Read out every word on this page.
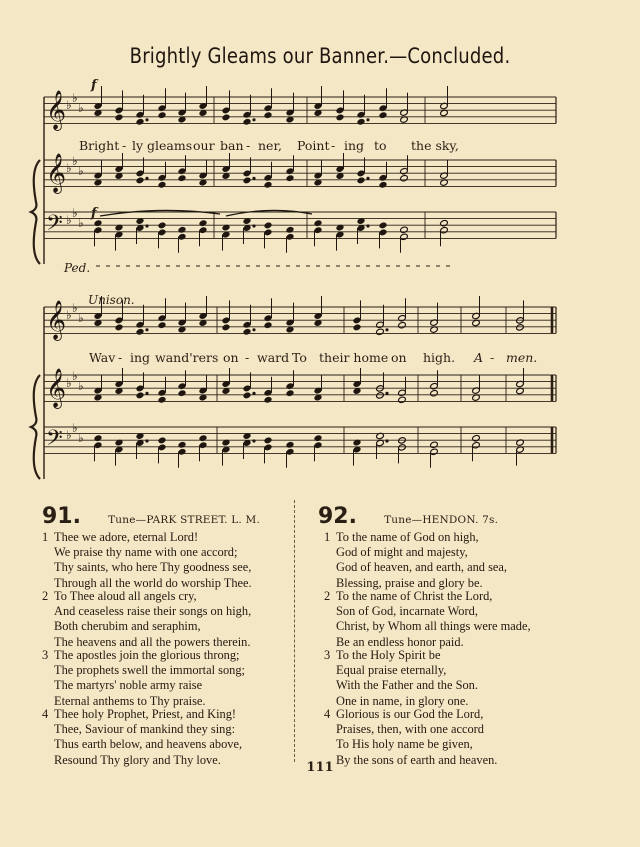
Brightly Gleams our Banner.—Concluded.
𝄞 ♭ ♭
♭
𝄞 ♭ ♭
♭
𝄢 ♭ ♭
♭
𝄞 ♭ ♭
♭
𝄞 ♭ ♭
♭
𝄢 ♭ ♭
♭
f
f
Ped.
Unison.
Bright - ly gleams our ban - ner, Point - ing to the sky,
Wav - ing wand'rers on - ward To their home on high. A - men.
91.	Tune—PARK STREET. L. M.
1 Thee we adore, eternal Lord!
We praise thy name with one accord;
Thy saints, who here Thy goodness see,
Through all the world do worship Thee.
2 To Thee aloud all angels cry,
And ceaseless raise their songs on high,
Both cherubim and seraphim,
The heavens and all the powers therein.
3 The apostles join the glorious throng;
The prophets swell the immortal song;
The martyrs' noble army raise
Eternal anthems to Thy praise.
4 Thee holy Prophet, Priest, and King!
Thee, Saviour of mankind they sing:
Thus earth below, and heavens above,
Resound Thy glory and Thy love.
92.	Tune—HENDON. 7s.
1 To the name of God on high,
God of might and majesty,
God of heaven, and earth, and sea,
Blessing, praise and glory be.
2 To the name of Christ the Lord,
Son of God, incarnate Word,
Christ, by Whom all things were made,
Be an endless honor paid.
3 To the Holy Spirit be
Equal praise eternally,
With the Father and the Son.
One in name, in glory one.
4 Glorious is our God the Lord,
Praises, then, with one accord
To His holy name be given,
By the sons of earth and heaven.
111
